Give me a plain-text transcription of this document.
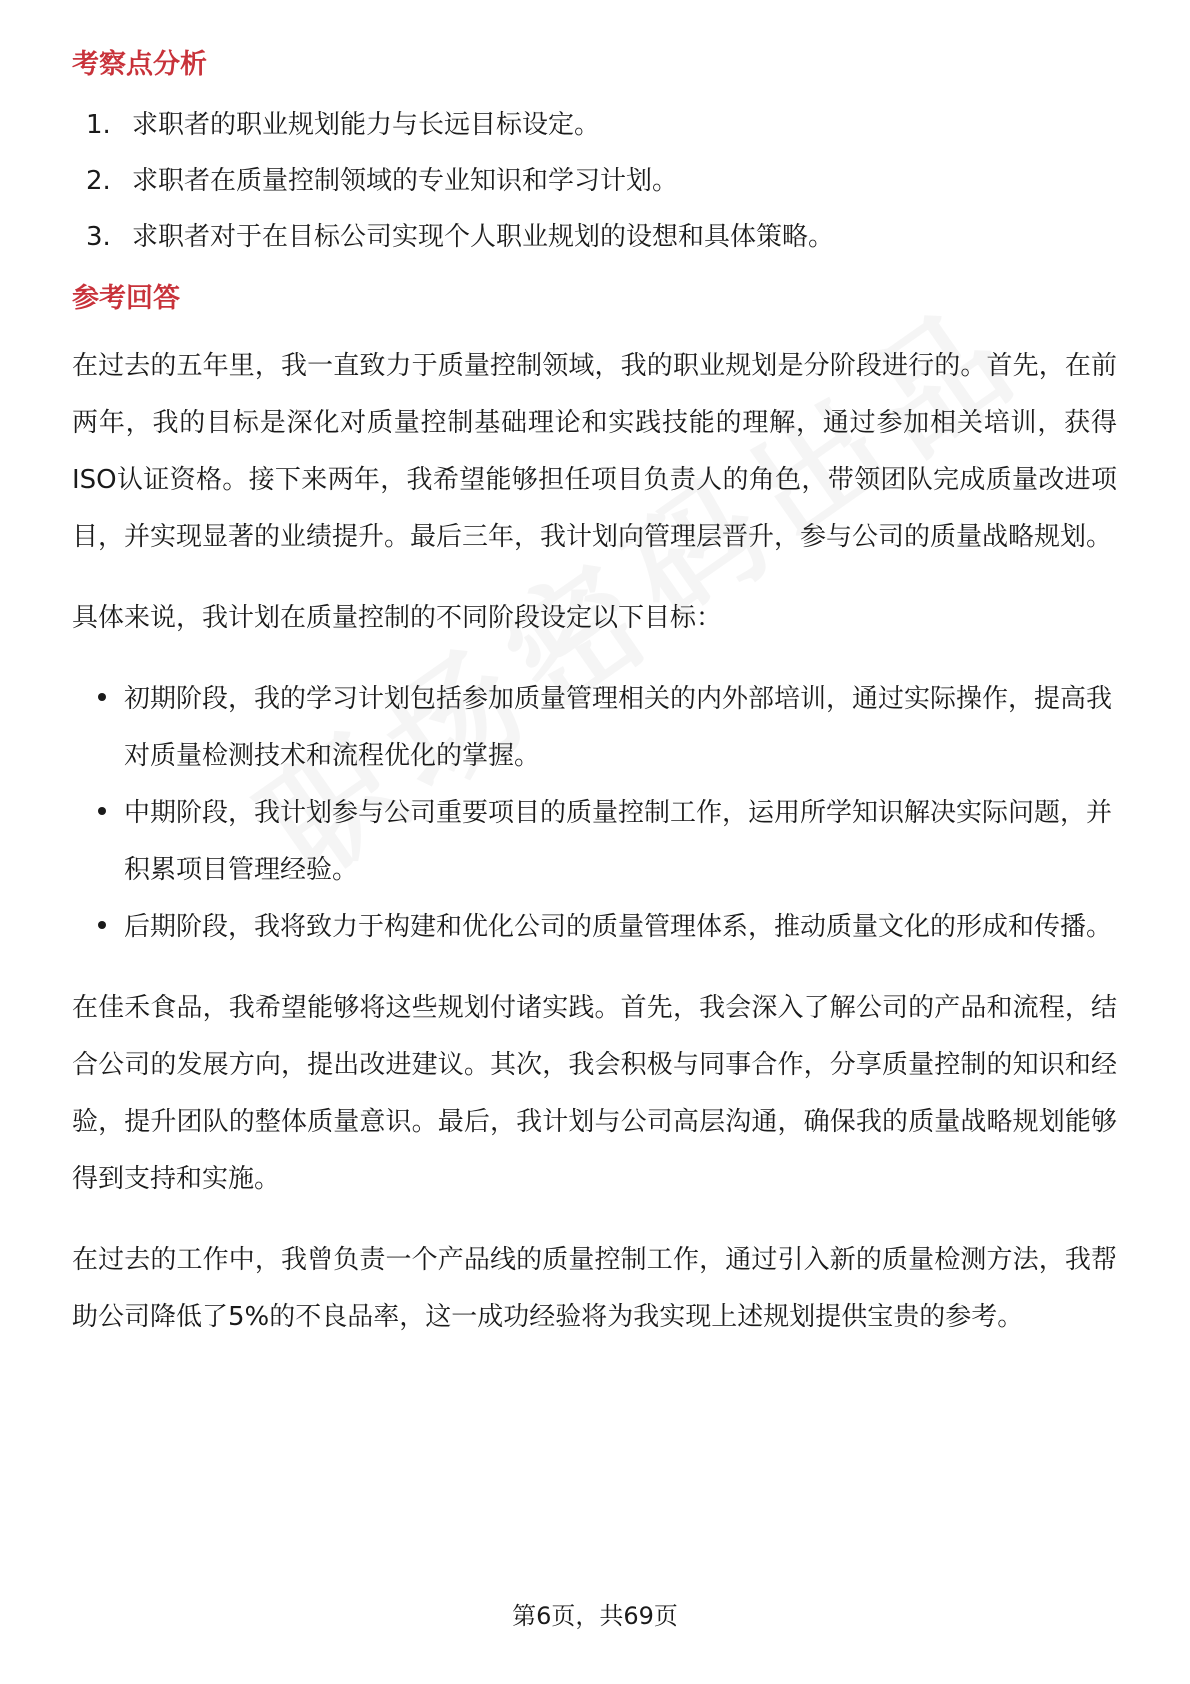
考察点分析
1. 求职者的职业规划能力与长远目标设定。
2. 求职者在质量控制领域的专业知识和学习计划。
3. 求职者对于在目标公司实现个人职业规划的设想和具体策略。
参考回答

在过去的五年里，我一直致力于质量控制领域，我的职业规划是分阶段进行的。首先，在前两年，我的目标是深化对质量控制基础理论和实践技能的理解，通过参加相关培训，获得ISO认证资格。接下来两年，我希望能够担任项目负责人的角色，带领团队完成质量改进项目，并实现显著的业绩提升。最后三年，我计划向管理层晋升，参与公司的质量战略规划。

具体来说，我计划在质量控制的不同阶段设定以下目标：

初期阶段，我的学习计划包括参加质量管理相关的内外部培训，通过实际操作，提高我对质量检测技术和流程优化的掌握。
中期阶段，我计划参与公司重要项目的质量控制工作，运用所学知识解决实际问题，并积累项目管理经验。
后期阶段，我将致力于构建和优化公司的质量管理体系，推动质量文化的形成和传播。

在佳禾食品，我希望能够将这些规划付诸实践。首先，我会深入了解公司的产品和流程，结合公司的发展方向，提出改进建议。其次，我会积极与同事合作，分享质量控制的知识和经验，提升团队的整体质量意识。最后，我计划与公司高层沟通，确保我的质量战略规划能够得到支持和实施。

在过去的工作中，我曾负责一个产品线的质量控制工作，通过引入新的质量检测方法，我帮助公司降低了5%的不良品率，这一成功经验将为我实现上述规划提供宝贵的参考。

第6页，共69页
